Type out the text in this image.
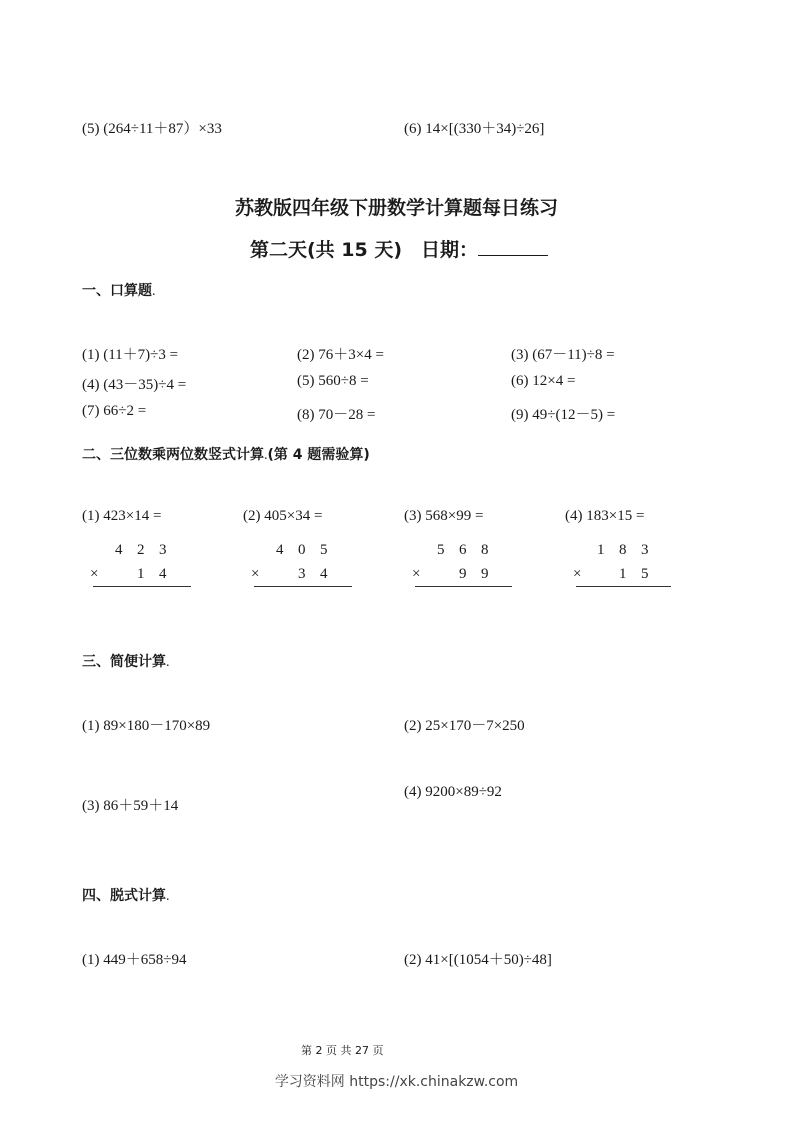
(5) (264÷11＋87）×33	(6) 14×[(330＋34)÷26]
苏教版四年级下册数学计算题每日练习
第二天(共 15 天)　日期：
一、口算题.
(1) (11＋7)÷3 =	(2) 76＋3×4 =	(3) (67－11)÷8 =
(4) (43－35)÷4 =	(5) 560÷8 =	(6) 12×4 =
(7) 66÷2 =	(8) 70－28 =	(9) 49÷(12－5) =
二、三位数乘两位数竖式计算.(第 4 题需验算)
(1) 423×14 =
4 2 3
×	1 4
(2) 405×34 =
4 0 5
×	3 4
(3) 568×99 =
5 6 8
×	9 9
(4) 183×15 =
1 8 3
×	1 5
三、简便计算.
(1) 89×180－170×89	(2) 25×170－7×250
(3) 86＋59＋14
(4) 9200×89÷92
四、脱式计算.
(1) 449＋658÷94	(2) 41×[(1054＋50)÷48]
第 2 页 共 27 页
学习资料网 https://xk.chinakzw.com
